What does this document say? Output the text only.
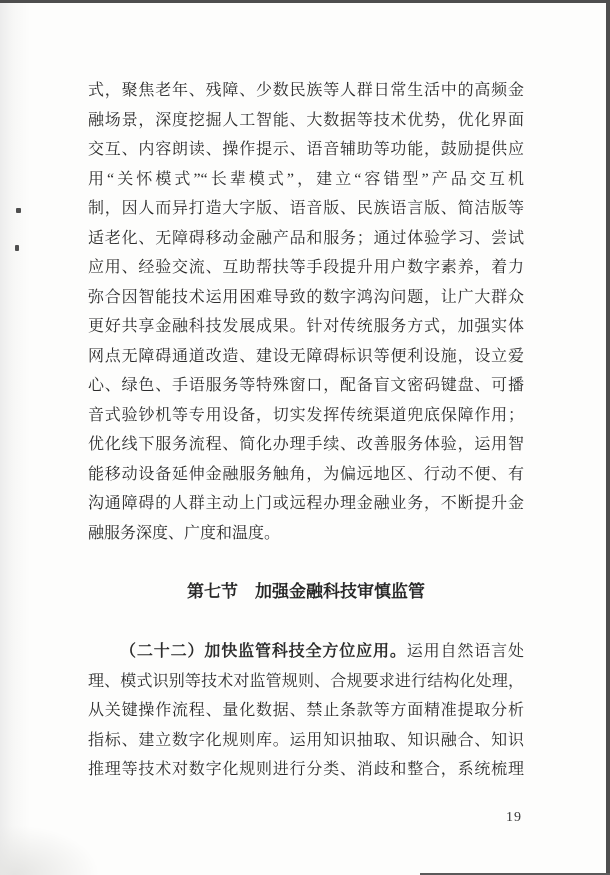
式，聚焦老年、残障、少数民族等人群日常生活中的高频金
融场景，深度挖掘人工智能、大数据等技术优势，优化界面
交互、内容朗读、操作提示、语音辅助等功能，鼓励提供应
用“关怀模式”“长辈模式”，建立“容错型”产品交互机
制，因人而异打造大字版、语音版、民族语言版、简洁版等
适老化、无障碍移动金融产品和服务；通过体验学习、尝试
应用、经验交流、互助帮扶等手段提升用户数字素养，着力
弥合因智能技术运用困难导致的数字鸿沟问题，让广大群众
更好共享金融科技发展成果。针对传统服务方式，加强实体
网点无障碍通道改造、建设无障碍标识等便利设施，设立爱
心、绿色、手语服务等特殊窗口，配备盲文密码键盘、可播
音式验钞机等专用设备，切实发挥传统渠道兜底保障作用；
优化线下服务流程、简化办理手续、改善服务体验，运用智
能移动设备延伸金融服务触角，为偏远地区、行动不便、有
沟通障碍的人群主动上门或远程办理金融业务，不断提升金
融服务深度、广度和温度。
第七节　加强金融科技审慎监管
（二十二）加快监管科技全方位应用。运用自然语言处
理、模式识别等技术对监管规则、合规要求进行结构化处理，
从关键操作流程、量化数据、禁止条款等方面精准提取分析
指标、建立数字化规则库。运用知识抽取、知识融合、知识
推理等技术对数字化规则进行分类、消歧和整合，系统梳理
19
